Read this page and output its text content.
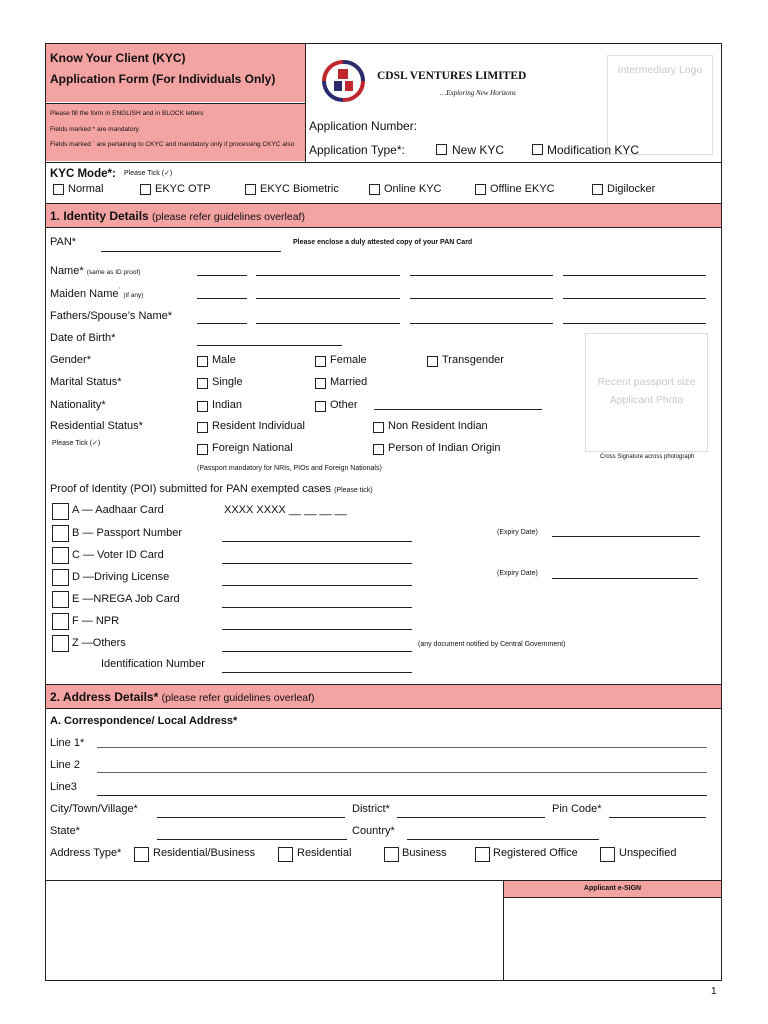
Know Your Client (KYC)
Application Form (For Individuals Only)
Please fill the form in ENGLISH and in BLOCK letters
Fields marked * are mandatory
Fields marked ` are pertaining to CKYC and mandatory only if processing CKYC also
CDSL VENTURES LIMITED
…Exploring New Horizons
Intermediary Logo
Application Number:
Application Type*:	New KYC	Modification KYC
KYC Mode*: Please Tick (✓)
Normal	EKYC OTP	EKYC Biometric	Online KYC	Offline EKYC	Digilocker
1. Identity Details (please refer guidelines overleaf)
PAN*	Please enclose a duly attested copy of your PAN Card
Name* (same as ID proof)
Maiden Name` (if any)
Fathers/Spouse’s Name*
Date of Birth*
Gender*	Male	Female	Transgender
Marital Status*	Single	Married
Nationality*	Indian	Other
Residential Status*
Please Tick (✓)
Resident Individual	Non Resident Indian
Foreign National	Person of Indian Origin
(Passport mandatory for NRIs, PIOs and Foreign Nationals)
Recent passport size Applicant Photo
Cross Signature across photograph
Proof of Identity (POI) submitted for PAN exempted cases (Please tick)
A — Aadhaar Card	XXXX XXXX __ __ __ __
B — Passport Number	(Expiry Date)
C — Voter ID Card
D —Driving License	(Expiry Date)
E —NREGA Job Card
F — NPR
Z —Others	(any document notified by Central Government)
Identification Number
2. Address Details* (please refer guidelines overleaf)
A. Correspondence/ Local Address*
Line 1*
Line 2
Line3
City/Town/Village*	District*	Pin Code*
State*	Country*
Address Type*	Residential/Business	Residential	Business	Registered Office	Unspecified
Applicant e-SIGN
1
